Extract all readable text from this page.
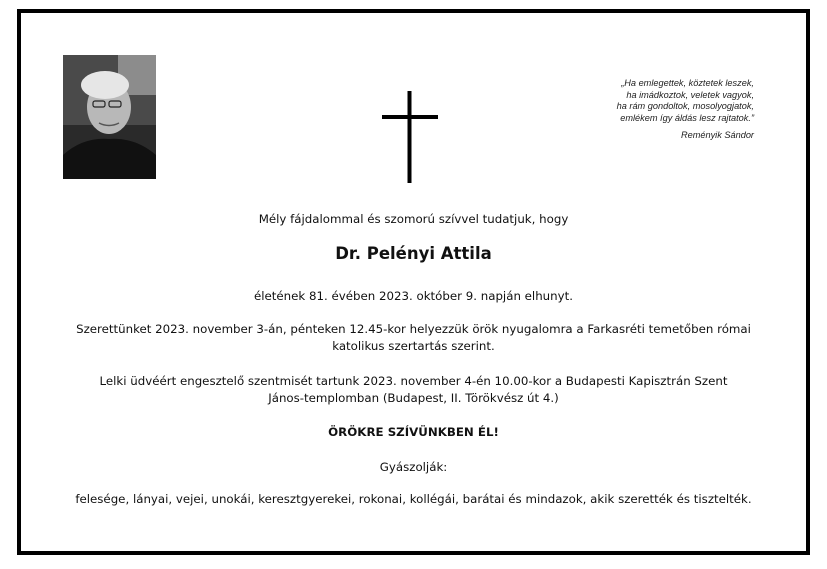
„Ha emlegettek, köztetek leszek,
ha imádkoztok, veletek vagyok,
ha rám gondoltok, mosolyogjatok,
emlékem így áldás lesz rajtatok.”
Reményik Sándor
Mély fájdalommal és szomorú szívvel tudatjuk, hogy
Dr. Pelényi Attila
életének 81. évében 2023. október 9. napján elhunyt.
Szerettünket 2023. november 3-án, pénteken 12.45-kor helyezzük örök nyugalomra a Farkasréti temetőben római katolikus szertartás szerint.
Lelki üdvéért engesztelő szentmisét tartunk 2023. november 4-én 10.00-kor a Budapesti Kapisztrán Szent János-templomban (Budapest, II. Törökvész út 4.)
ÖRÖKRE SZÍVÜNKBEN ÉL!
Gyászolják:
felesége, lányai, vejei, unokái, keresztgyerekei, rokonai, kollégái, barátai és mindazok, akik szerették és tisztelték.
